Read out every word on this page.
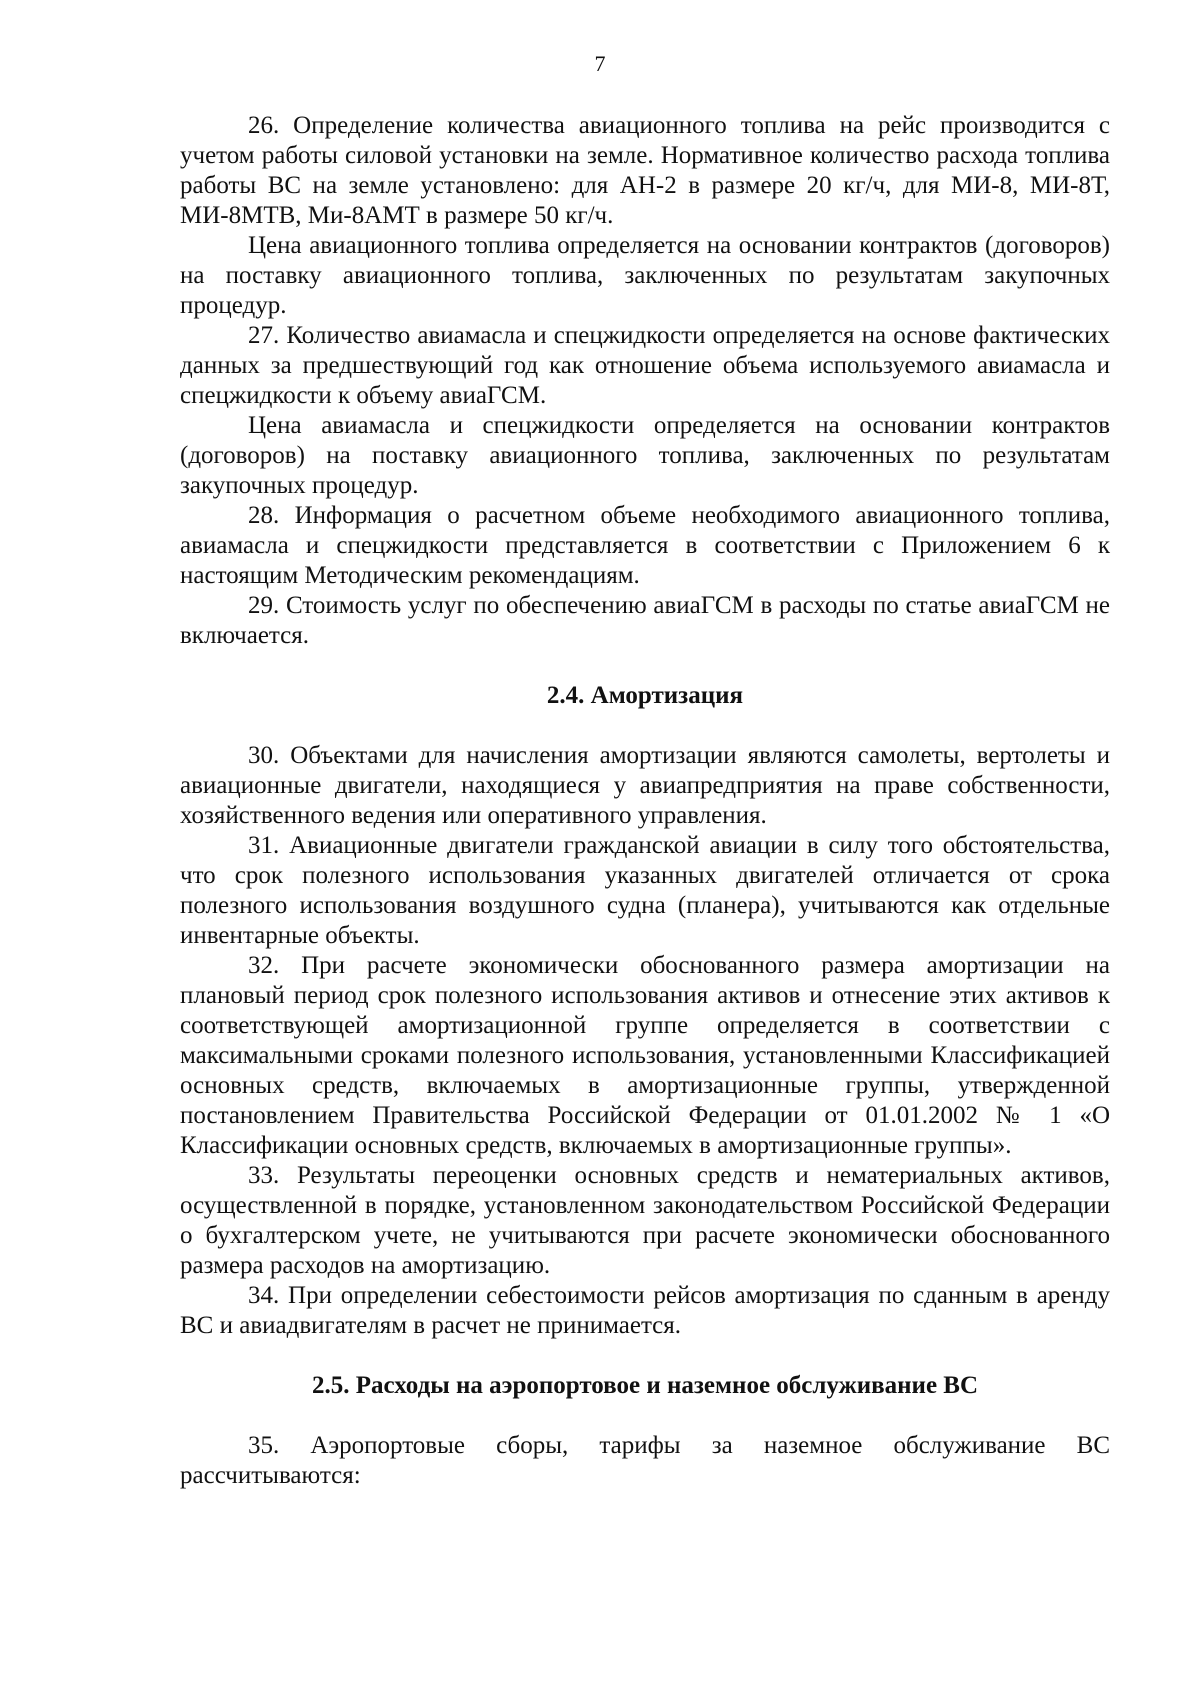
7

26. Определение количества авиационного топлива на рейс производится с учетом работы силовой установки на земле. Нормативное количество расхода топлива работы ВС на земле установлено: для АН-2 в размере 20 кг/ч, для МИ-8, МИ-8Т, МИ-8МТВ, Ми-8АМТ в размере 50 кг/ч.

Цена авиационного топлива определяется на основании контрактов (договоров) на поставку авиационного топлива, заключенных по результатам закупочных процедур.

27. Количество авиамасла и спецжидкости определяется на основе фактических данных за предшествующий год как отношение объема используемого авиамасла и спецжидкости к объему авиаГСМ.

Цена авиамасла и спецжидкости определяется на основании контрактов (договоров) на поставку авиационного топлива, заключенных по результатам закупочных процедур.

28. Информация о расчетном объеме необходимого авиационного топлива, авиамасла и спецжидкости представляется в соответствии с Приложением 6 к настоящим Методическим рекомендациям.

29. Стоимость услуг по обеспечению авиаГСМ в расходы по статье авиаГСМ не включается.

2.4. Амортизация

30. Объектами для начисления амортизации являются самолеты, вертолеты и авиационные двигатели, находящиеся у авиапредприятия на праве собственности, хозяйственного ведения или оперативного управления.

31. Авиационные двигатели гражданской авиации в силу того обстоятельства, что срок полезного использования указанных двигателей отличается от срока полезного использования воздушного судна (планера), учитываются как отдельные инвентарные объекты.

32. При расчете экономически обоснованного размера амортизации на плановый период срок полезного использования активов и отнесение этих активов к соответствующей амортизационной группе определяется в соответствии с максимальными сроками полезного использования, установленными Классификацией основных средств, включаемых в амортизационные группы, утвержденной постановлением Правительства Российской Федерации от 01.01.2002 № 1 «О Классификации основных средств, включаемых в амортизационные группы».

33. Результаты переоценки основных средств и нематериальных активов, осуществленной в порядке, установленном законодательством Российской Федерации о бухгалтерском учете, не учитываются при расчете экономически обоснованного размера расходов на амортизацию.

34. При определении себестоимости рейсов амортизация по сданным в аренду ВС и авиадвигателям в расчет не принимается.

2.5. Расходы на аэропортовое и наземное обслуживание ВС

35. Аэропортовые сборы, тарифы за наземное обслуживание ВС рассчитываются:
